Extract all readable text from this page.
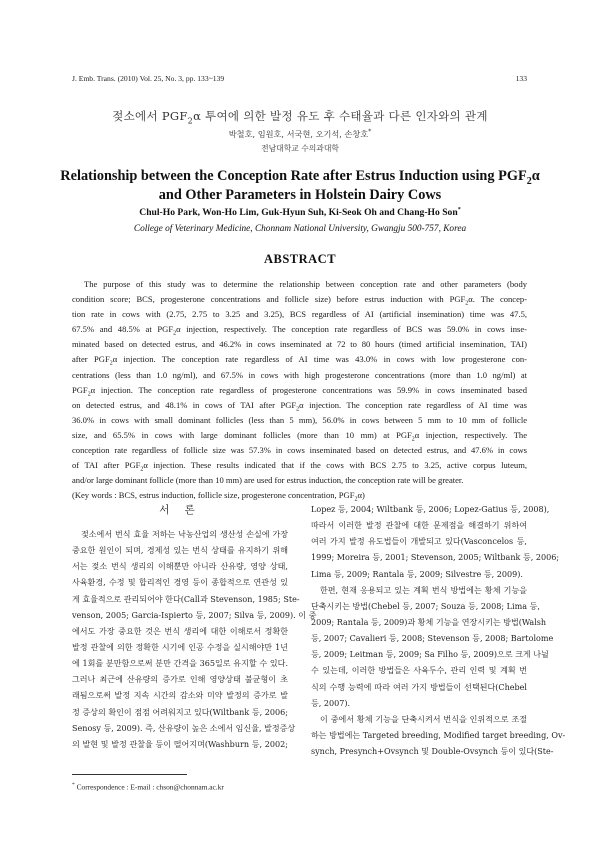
J. Emb. Trans. (2010) Vol. 25, No. 3, pp. 133~139	133
젖소에서 $PGF_2\alpha$ 투여에 의한 발정 유도 후 수태율과 다른 인자와의 관계
박철호, 임원호, 서국현, 오기석, 손창호*
전남대학교 수의과대학
Relationship between the Conception Rate after Estrus Induction using $PGF_2\alpha$
and Other Parameters in Holstein Dairy Cows
Chul-Ho Park, Won-Ho Lim, Guk-Hyun Suh, Ki-Seok Oh and Chang-Ho Son*
College of Veterinary Medicine, Chonnam National University, Gwangju 500-757, Korea
ABSTRACT
The purpose of this study was to determine the relationship between conception rate and other parameters (body
condition score; BCS, progesterone concentrations and follicle size) before estrus induction with $PGF_2\alpha$. The concep-
tion rate in cows with (2.75, 2.75 to 3.25 and 3.25), BCS regardless of AI (artificial insemination) time was 47.5,
67.5% and 48.5% at $PGF_2\alpha$ injection, respectively. The conception rate regardless of BCS was 59.0% in cows inse-
minated based on detected estrus, and 46.2% in cows inseminated at 72 to 80 hours (timed artificial insemination, TAI)
after $PGF_2\alpha$ injection. The conception rate regardless of AI time was 43.0% in cows with low progesterone con-
centrations (less than 1.0 ng/ml), and 67.5% in cows with high progesterone concentrations (more than 1.0 ng/ml) at
$PGF_2\alpha$ injection. The conception rate regardless of progesterone concentrations was 59.9% in cows inseminated based
on detected estrus, and 48.1% in cows of TAI after $PGF_2\alpha$ injection. The conception rate regardless of AI time was
36.0% in cows with small dominant follicles (less than 5 mm), 56.0% in cows between 5 mm to 10 mm of follicle
size, and 65.5% in cows with large dominant follicles (more than 10 mm) at $PGF_2\alpha$ injection, respectively. The
conception rate regardless of follicle size was 57.3% in cows inseminated based on detected estrus, and 47.6% in cows
of TAI after $PGF_2\alpha$ injection. These results indicated that if the cows with BCS 2.75 to 3.25, active corpus luteum,
and/or large dominant follicle (more than 10 mm) are used for estrus induction, the conception rate will be greater.
(Key words : BCS, estrus induction, follicle size, progesterone concentration, $PGF_2\alpha$)
서 론
젖소에서 번식 효율 저하는 낙농산업의 생산성 손실에 가장
중요한 원인이 되며, 경제성 있는 번식 상태를 유지하기 위해
서는 젖소 번식 생리의 이해뿐만 아니라 산유량, 영양 상태,
사육환경, 수정 및 합리적인 경영 등이 종합적으로 연관성 있
게 효율적으로 관리되어야 한다(Call과 Stevenson, 1985; Ste-
venson, 2005; Garcia-Ispierto 등, 2007; Silva 등, 2009). 이 중
에서도 가장 중요한 것은 번식 생리에 대한 이해로서 정확한
발정 관찰에 의한 정확한 시기에 인공 수정을 실시해야만 1년
에 1회를 분만함으로써 분만 간격을 365일로 유지할 수 있다.
그러나 최근에 산유량의 증가로 인해 영양상태 불균형이 초
래됨으로써 발정 지속 시간의 감소와 미약 발정의 증가로 발
정 증상의 확인이 점점 어려워지고 있다(Wiltbank 등, 2006;
Senosy 등, 2009). 즉, 산유량이 높은 소에서 임신율, 발정증상
의 발현 및 발정 관찰율 등이 떨어지며(Washburn 등, 2002;
Lopez 등, 2004; Wiltbank 등, 2006; Lopez-Gatius 등, 2008),
따라서 이러한 발정 관찰에 대한 문제점을 해결하기 위하여
여러 가지 발정 유도법들이 개발되고 있다(Vasconcelos 등,
1999; Moreira 등, 2001; Stevenson, 2005; Wiltbank 등, 2006;
Lima 등, 2009; Rantala 등, 2009; Silvestre 등, 2009).
한편, 현재 응용되고 있는 계획 번식 방법에는 황체 기능을
단축시키는 방법(Chebel 등, 2007; Souza 등, 2008; Lima 등,
2009; Rantala 등, 2009)과 황체 기능을 연장시키는 방법(Walsh
등, 2007; Cavalieri 등, 2008; Stevenson 등, 2008; Bartolome
등, 2009; Leitman 등, 2009; Sa Filho 등, 2009)으로 크게 나뉠
수 있는데, 이러한 방법들은 사육두수, 관리 인력 및 계획 번
식의 수행 능력에 따라 여러 가지 방법들이 선택된다(Chebel
등, 2007).
이 중에서 황체 기능을 단축시켜서 번식을 인위적으로 조절
하는 방법에는 Targeted breeding, Modified target breeding, Ov-
synch, Presynch+Ovsynch 및 Double-Ovsynch 등이 있다(Ste-
* Correspondence : E-mail : chson@chonnam.ac.kr
